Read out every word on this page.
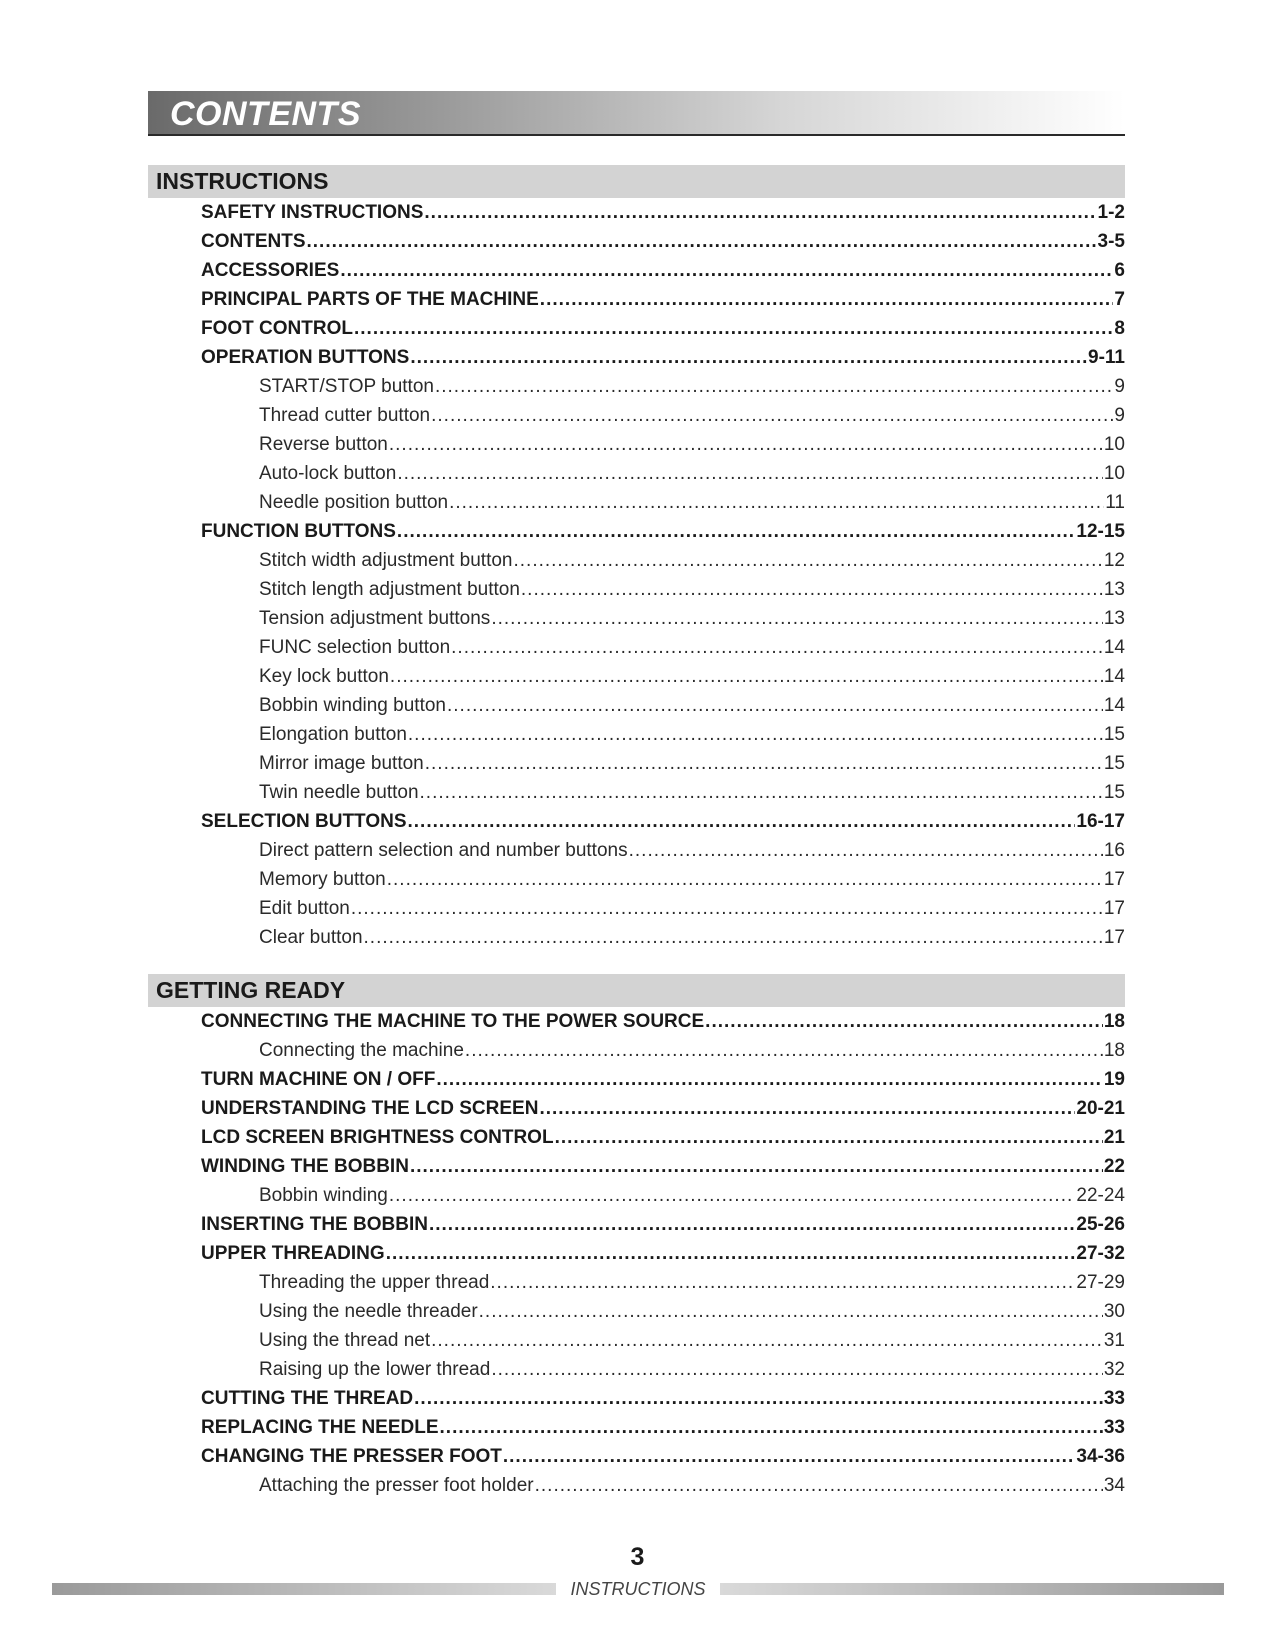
CONTENTS
INSTRUCTIONS
SAFETY INSTRUCTIONS .....	1-2
CONTENTS .....	3-5
ACCESSORIES .....	6
PRINCIPAL PARTS OF THE MACHINE .....	7
FOOT CONTROL .....	8
OPERATION BUTTONS .....	9-11
START/STOP button .....	9
Thread cutter button .....	9
Reverse button .....	10
Auto-lock button .....	10
Needle position button .....	11
FUNCTION BUTTONS .....	12-15
Stitch width adjustment button .....	12
Stitch length adjustment button .....	13
Tension adjustment buttons .....	13
FUNC selection button .....	14
Key lock button .....	14
Bobbin winding button .....	14
Elongation button .....	15
Mirror image button .....	15
Twin needle button .....	15
SELECTION BUTTONS .....	16-17
Direct pattern selection and number buttons .....	16
Memory button .....	17
Edit button .....	17
Clear button .....	17
GETTING READY
CONNECTING THE MACHINE TO THE POWER SOURCE .....	18
Connecting the machine .....	18
TURN MACHINE ON / OFF .....	19
UNDERSTANDING THE LCD SCREEN .....	20-21
LCD SCREEN BRIGHTNESS CONTROL .....	21
WINDING THE BOBBIN .....	22
Bobbin winding .....	22-24
INSERTING THE BOBBIN .....	25-26
UPPER THREADING .....	27-32
Threading the upper thread .....	27-29
Using the needle threader .....	30
Using the thread net .....	31
Raising up the lower thread .....	32
CUTTING THE THREAD .....	33
REPLACING THE NEEDLE .....	33
CHANGING THE PRESSER FOOT .....	34-36
Attaching the presser foot holder .....	34
3
INSTRUCTIONS
